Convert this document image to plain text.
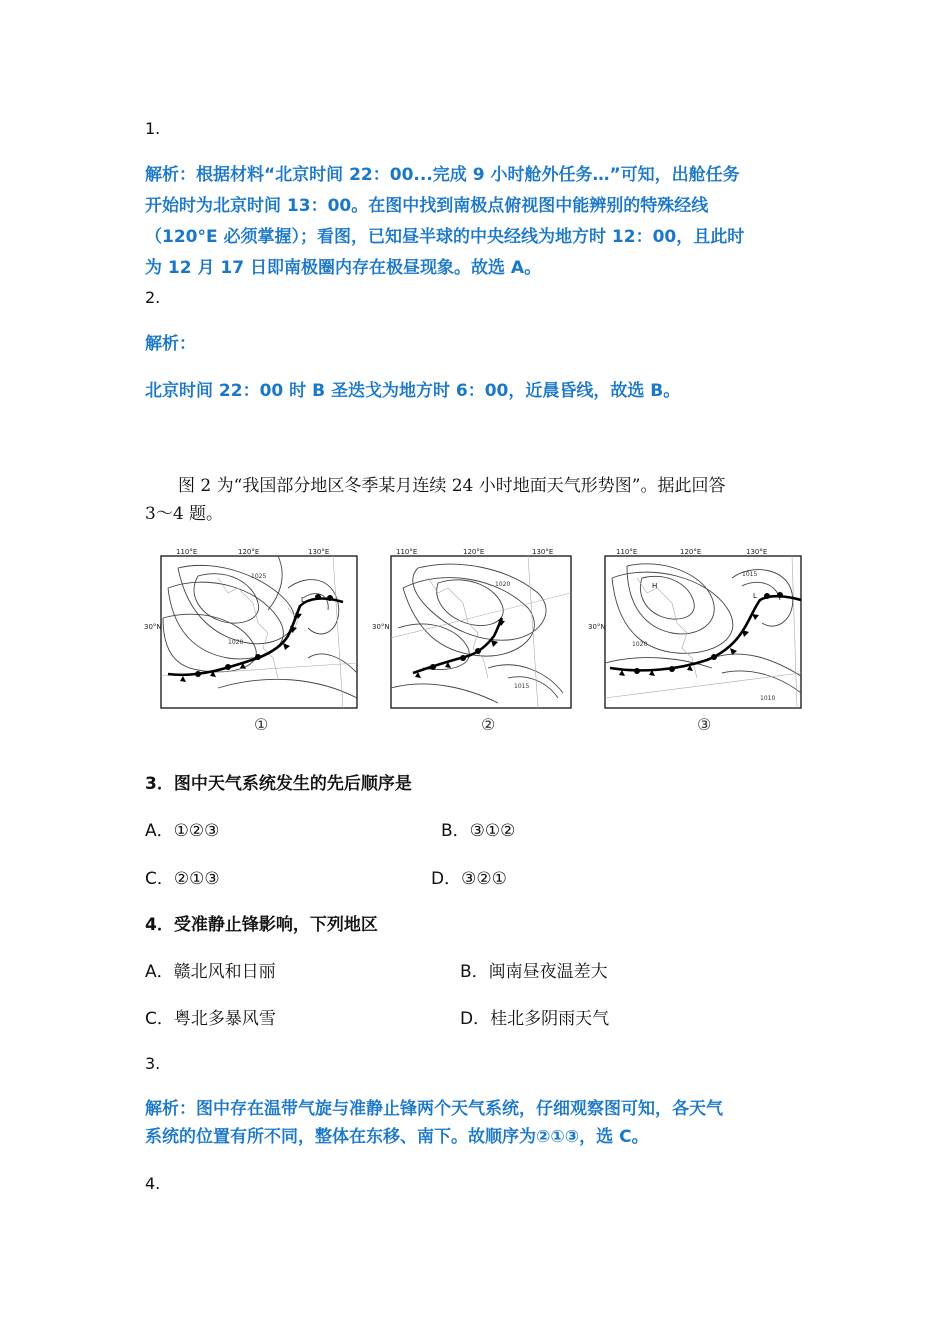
1.
解析：根据材料“北京时间 22：00...完成 9 小时舱外任务…”可知，出舱任务
开始时为北京时间 13：00。在图中找到南极点俯视图中能辨别的特殊经线
（120°E 必须掌握）；看图，已知昼半球的中央经线为地方时 12：00，且此时
为 12 月 17 日即南极圈内存在极昼现象。故选 A。
2.
解析：
北京时间 22：00 时 B 圣迭戈为地方时 6：00，近晨昏线，故选 B。
图 2 为“我国部分地区冬季某月连续 24 小时地面天气形势图”。据此回答
3～4 题。
L
1020
1025
110°E	120°E	130°E
30°N
①
1020
1015
110°E	120°E	130°E
30°N
②
H
L
1020
1015
1010
110°E	120°E	130°E
30°N
③
3．图中天气系统发生的先后顺序是
A．①②③	B．③①②
C．②①③	D．③②①
4．受准静止锋影响，下列地区
A．赣北风和日丽	B．闽南昼夜温差大
C．粤北多暴风雪	D．桂北多阴雨天气
3.
解析：图中存在温带气旋与准静止锋两个天气系统，仔细观察图可知，各天气
系统的位置有所不同，整体在东移、南下。故顺序为②①③，选 C。
4.
